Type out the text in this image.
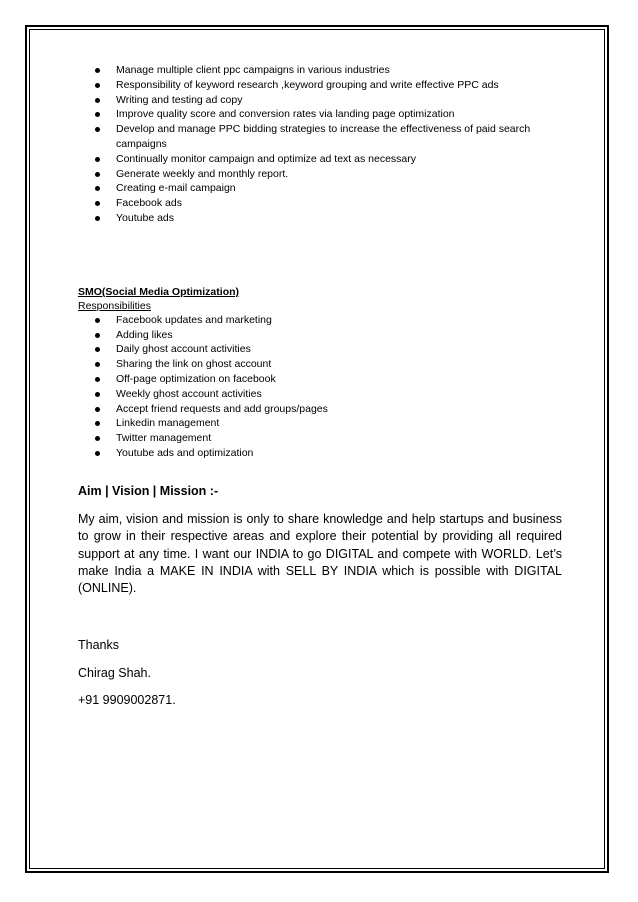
Manage multiple client ppc campaigns in various industries
Responsibility of keyword research ,keyword grouping and write effective PPC ads
Writing and testing ad copy
Improve quality score and conversion rates via landing page optimization
Develop and manage PPC bidding strategies to increase the effectiveness of paid search campaigns
Continually monitor campaign and optimize ad text as necessary
Generate weekly and monthly report.
Creating e-mail campaign
Facebook ads
Youtube ads
SMO(Social Media Optimization)
Responsibilities
Facebook updates and marketing
Adding likes
Daily ghost account activities
Sharing the link on ghost account
Off-page optimization on facebook
Weekly ghost account activities
Accept friend requests and add groups/pages
Linkedin management
Twitter management
Youtube ads and optimization
Aim | Vision | Mission :-
My aim, vision and mission is only to share knowledge and help startups and business to grow in their respective areas and explore their potential by providing all required support at any time. I want our INDIA to go DIGITAL and compete with WORLD. Let’s make India a MAKE IN INDIA with SELL BY INDIA which is possible with DIGITAL (ONLINE).
Thanks
Chirag Shah.
+91 9909002871.
